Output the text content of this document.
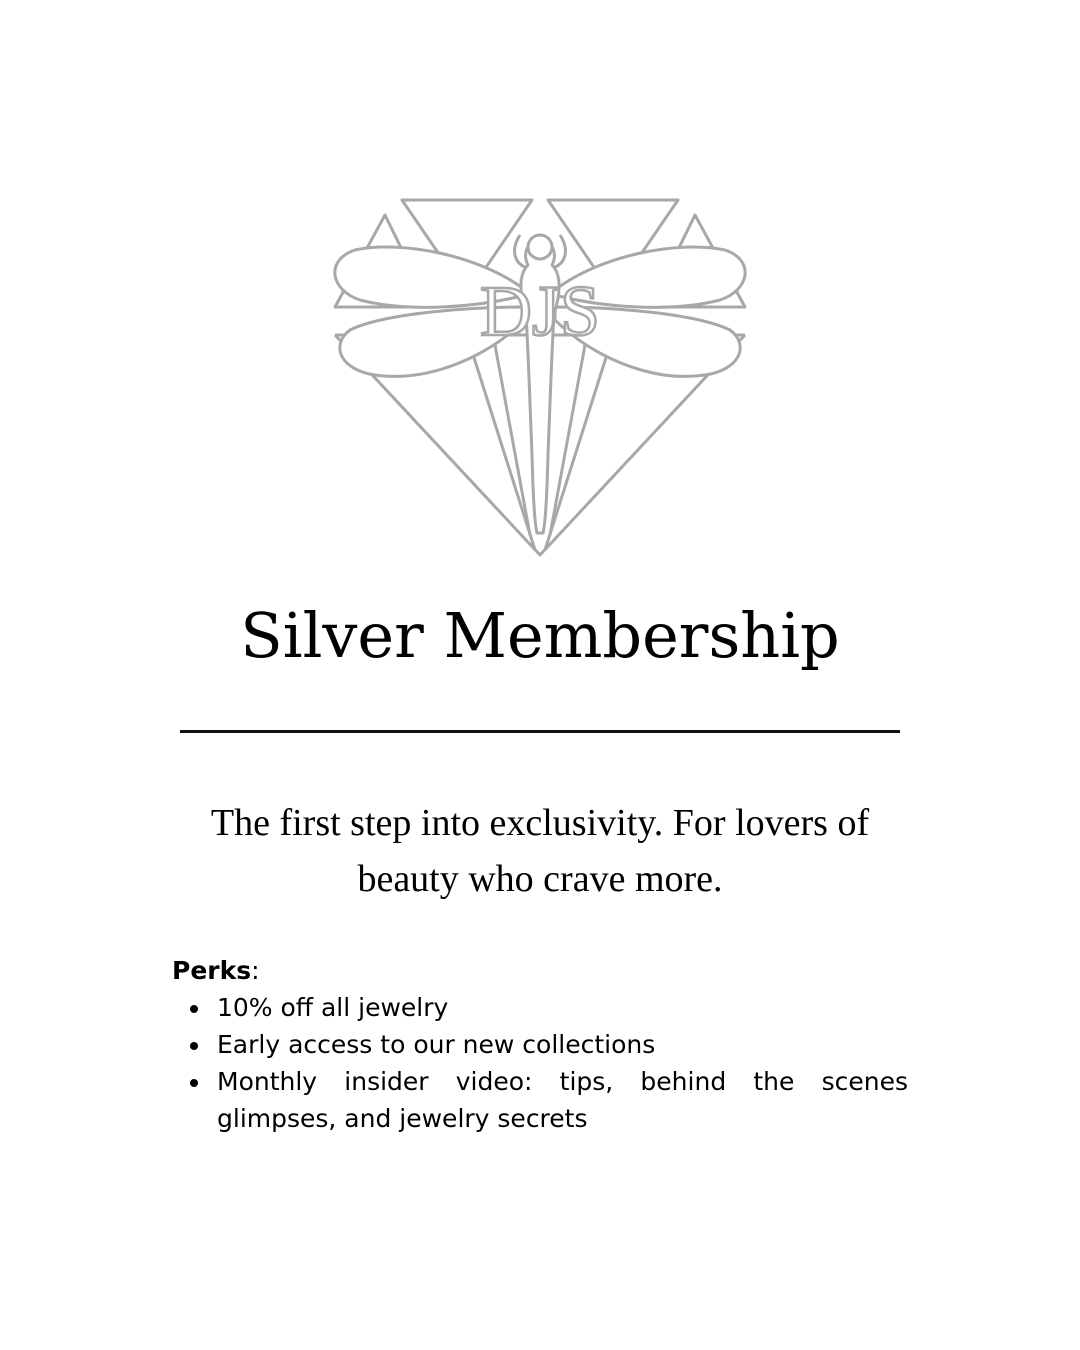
DJS
Silver Membership

The first step into exclusivity. For lovers of beauty who crave more.

Perks:

10% off all jewelry
Early access to our new collections
Monthly insider video: tips, behind the scenes glimpses, and jewelry secrets
